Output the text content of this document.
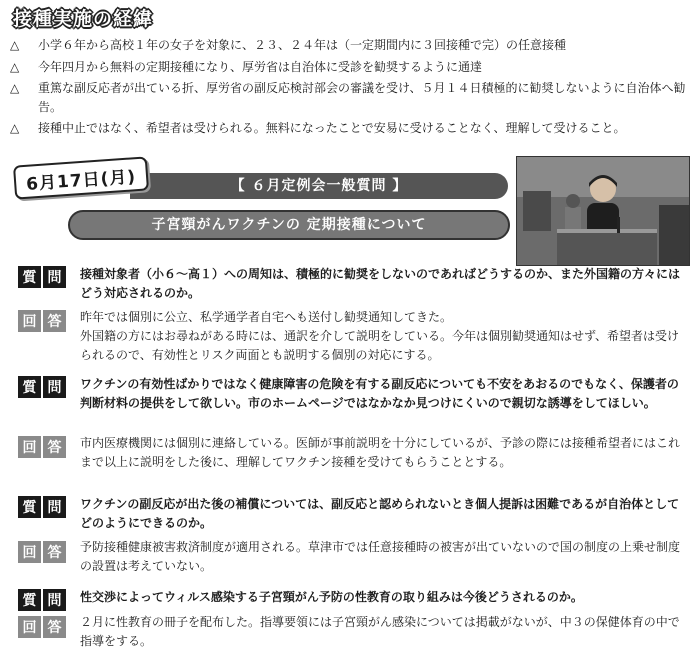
接種実施の経緯
△ 小学６年から高校１年の女子を対象に、２３、２４年は（一定期間内に３回接種で完）の任意接種
△ 今年四月から無料の定期接種になり、厚労省は自治体に受診を勧奨するように通達
△ 重篤な副反応者が出ている折、厚労省の副反応検討部会の審議を受け、５月１４日積極的に勧奨しないように自治体へ勧告。
△ 接種中止ではなく、希望者は受けられる。無料になったことで安易に受けることなく、理解して受けること。
【 ６月定例会一般質問 】
6月17日(月)
子宮頸がんワクチンの 定期接種について
質 問	接種対象者（小６〜高１）への周知は、積極的に勧奨をしないのであればどうするのか、また外国籍の方々にはどう対応されるのか。
回 答	昨年では個別に公立、私学通学者自宅へも送付し勧奨通知してきた。

外国籍の方にはお尋ねがある時には、通訳を介して説明をしている。今年は個別勧奨通知はせず、希望者は受けられるので、有効性とリスク両面とも説明する個別の対応にする。

質 問	ワクチンの有効性ばかりではなく健康障害の危険を有する副反応についても不安をあおるのでもなく、保護者の判断材料の提供をして欲しい。市のホームページではなかなか見つけにくいので親切な誘導をしてほしい。
回 答	市内医療機関には個別に連絡している。医師が事前説明を十分にしているが、予診の際には接種希望者にはこれまで以上に説明をした後に、理解してワクチン接種を受けてもらうこととする。

質 問	ワクチンの副反応が出た後の補償については、副反応と認められないとき個人提訴は困難であるが自治体としてどのようにできるのか。
回 答	予防接種健康被害救済制度が適用される。草津市では任意接種時の被害が出ていないので国の制度の上乗せ制度の設置は考えていない。

質 問	性交渉によってウィルス感染する子宮頸がん予防の性教育の取り組みは今後どうされるのか。
回 答	２月に性教育の冊子を配布した。指導要領には子宮頸がん感染については掲載がないが、中３の保健体育の中で指導をする。
